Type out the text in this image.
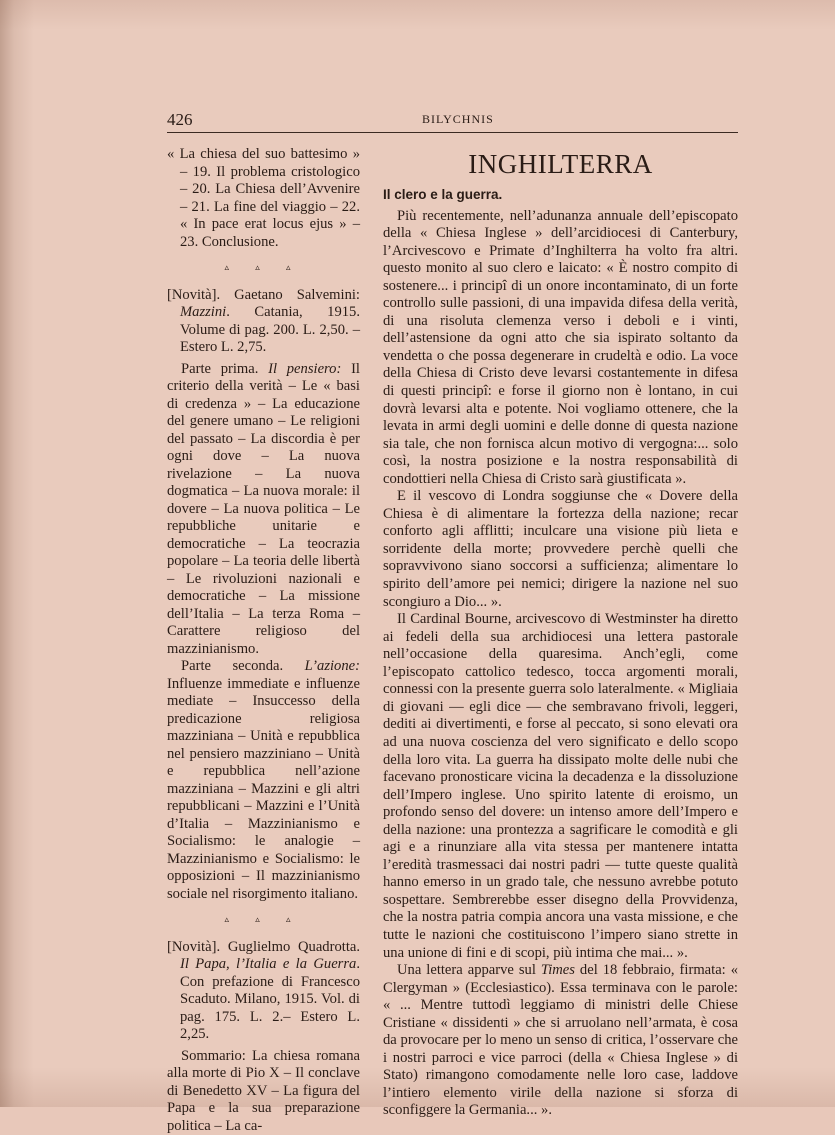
426	BILYCHNIS

« La chiesa del suo battesimo » – 19. Il problema cristologico – 20. La Chiesa dell’Avvenire – 21. La fine del viaggio – 22. « In pace erat locus ejus » – 23. Conclusione.

▵ ▵ ▵

[Novità]. Gaetano Salvemini: Mazzini. Catania, 1915. Volume di pag. 200. L. 2,50. – Estero L. 2,75.

Parte prima. Il pensiero: Il criterio della verità – Le « basi di credenza » – La educazione del genere umano – Le religioni del passato – La discordia è per ogni dove – La nuova rivelazione – La nuova dogmatica – La nuova morale: il dovere – La nuova politica – Le repubbliche unitarie e democratiche – La teocrazia popolare – La teoria delle libertà – Le rivoluzioni nazionali e democratiche – La missione dell’Italia – La terza Roma – Carattere religioso del mazzinianismo.

Parte seconda. L’azione: Influenze immediate e influenze mediate – Insuccesso della predicazione religiosa mazziniana – Unità e repubblica nel pensiero mazziniano – Unità e repubblica nell’azione mazziniana – Mazzini e gli altri repubblicani – Mazzini e l’Unità d’Italia – Mazzinianismo e Socialismo: le analogie – Mazzinianismo e Socialismo: le opposizioni – Il mazzinianismo sociale nel risorgimento italiano.

▵ ▵ ▵

[Novità]. Guglielmo Quadrotta. Il Papa, l’Italia e la Guerra. Con prefazione di Francesco Scaduto. Milano, 1915. Vol. di pag. 175. L. 2.– Estero L. 2,25.

Sommario: La chiesa romana alla morte di Pio X – Il conclave di Benedetto XV – La figura del Papa e la sua preparazione politica – La ca-

INGHILTERRA

Il clero e la guerra.

Più recentemente, nell’adunanza annuale dell’episcopato della « Chiesa Inglese » dell’arcidiocesi di Canterbury, l’Arcivescovo e Primate d’Inghilterra ha volto fra altri. questo monito al suo clero e laicato: « È nostro compito di sostenere... i principî di un onore incontaminato, di un forte controllo sulle passioni, di una impavida difesa della verità, di una risoluta clemenza verso i deboli e i vinti, dell’astensione da ogni atto che sia ispirato soltanto da vendetta o che possa degenerare in crudeltà e odio. La voce della Chiesa di Cristo deve levarsi costantemente in difesa di questi principî: e forse il giorno non è lontano, in cui dovrà levarsi alta e potente. Noi vogliamo ottenere, che la levata in armi degli uomini e delle donne di questa nazione sia tale, che non fornisca alcun motivo di vergogna:... solo così, la nostra posizione e la nostra responsabilità di condottieri nella Chiesa di Cristo sarà giustificata ».

E il vescovo di Londra soggiunse che « Dovere della Chiesa è di alimentare la fortezza della nazione; recar conforto agli afflitti; inculcare una visione più lieta e sorridente della morte; provvedere perchè quelli che sopravvivono siano soccorsi a sufficienza; alimentare lo spirito dell’amore pei nemici; dirigere la nazione nel suo scongiuro a Dio... ».

Il Cardinal Bourne, arcivescovo di Westminster ha diretto ai fedeli della sua archidiocesi una lettera pastorale nell’occasione della quaresima. Anch’egli, come l’episcopato cattolico tedesco, tocca argomenti morali, connessi con la presente guerra solo lateralmente. « Migliaia di giovani — egli dice — che sembravano frivoli, leggeri, dediti ai divertimenti, e forse al peccato, si sono elevati ora ad una nuova coscienza del vero significato e dello scopo della loro vita. La guerra ha dissipato molte delle nubi che facevano pronosticare vicina la decadenza e la dissoluzione dell’Impero inglese. Uno spirito latente di eroismo, un profondo senso del dovere: un intenso amore dell’Impero e della nazione: una prontezza a sagrificare le comodità e gli agi e a rinunziare alla vita stessa per mantenere intatta l’eredità trasmessaci dai nostri padri — tutte queste qualità hanno emerso in un grado tale, che nessuno avrebbe potuto sospettare. Sembrerebbe esser disegno della Provvidenza, che la nostra patria compia ancora una vasta missione, e che tutte le nazioni che costituiscono l’impero siano strette in una unione di fini e di scopi, più intima che mai... ».

Una lettera apparve sul Times del 18 febbraio, firmata: « Clergyman » (Ecclesiastico). Essa terminava con le parole: « ... Mentre tuttodì leggiamo di ministri delle Chiese Cristiane « dissidenti » che si arruolano nell’armata, è cosa da provocare per lo meno un senso di critica, l’osservare che i nostri parroci e vice parroci (della « Chiesa Inglese » di Stato) rimangono comodamente nelle loro case, laddove l’intiero elemento virile della nazione si sforza di sconfiggere la Germania... ».
